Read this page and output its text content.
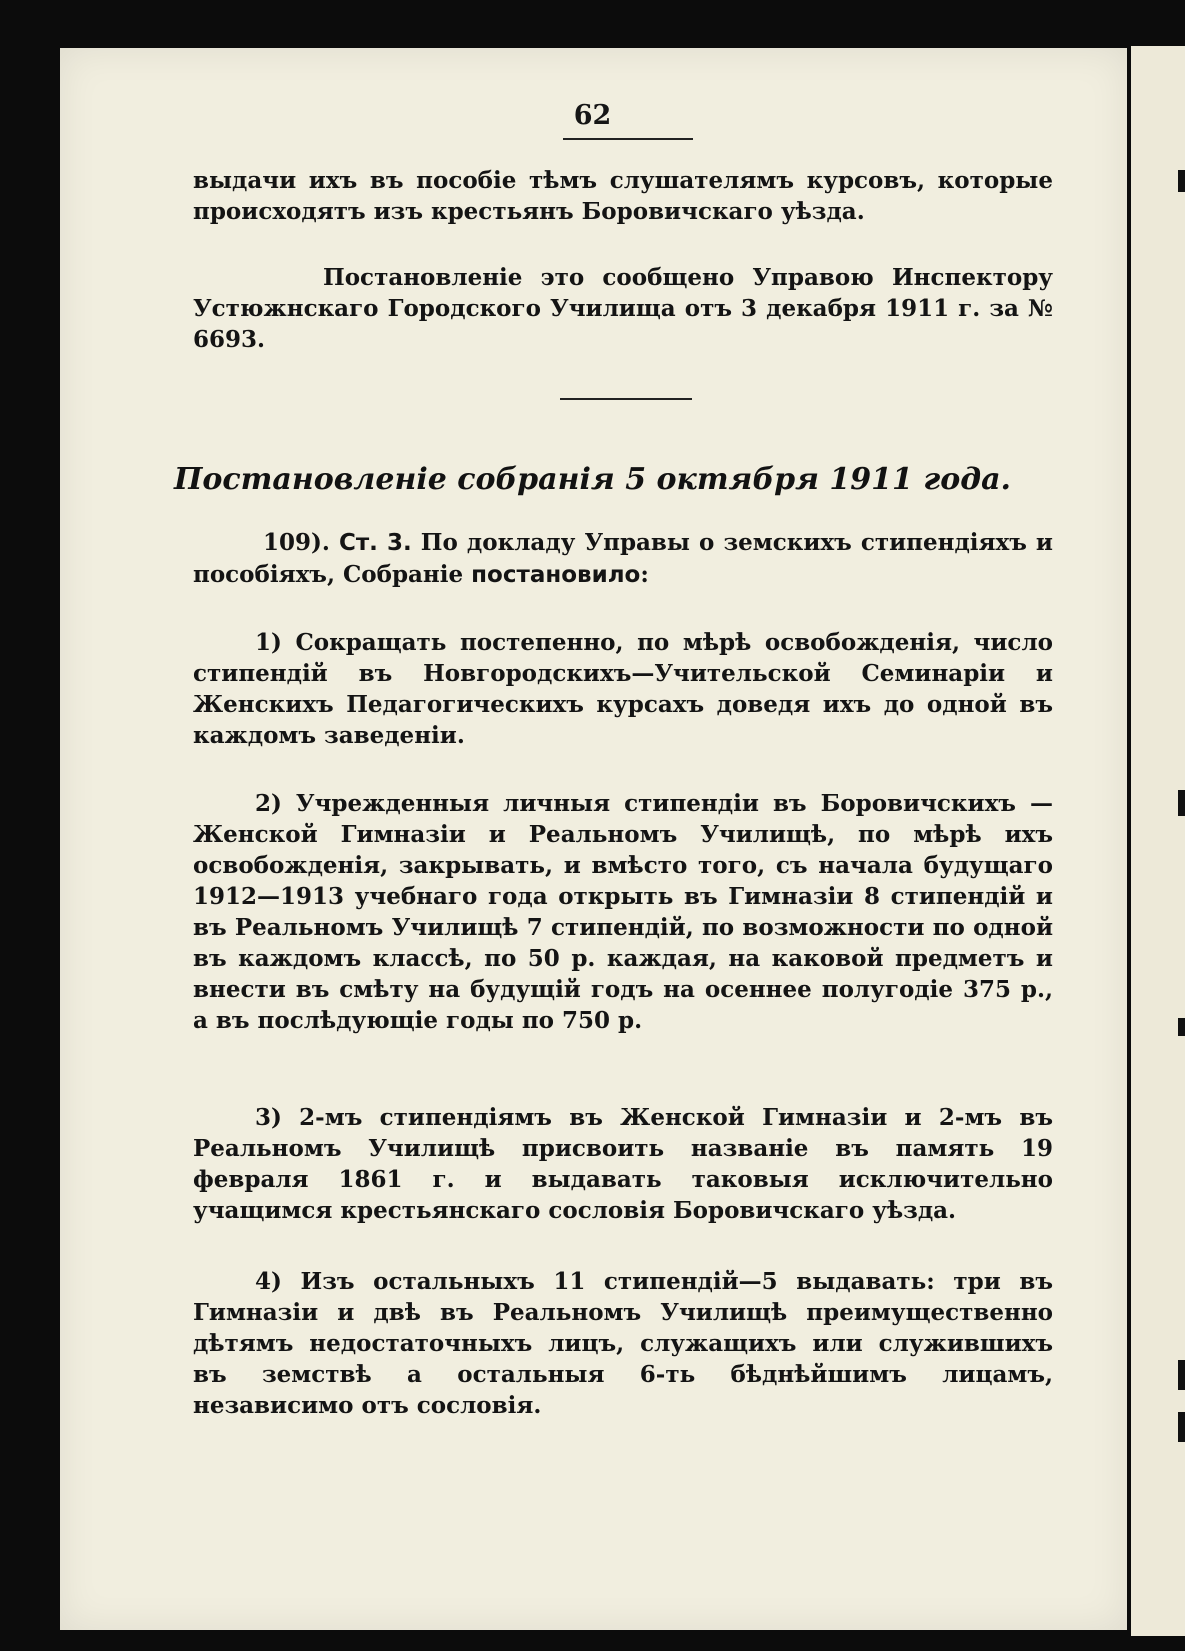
62

выдачи ихъ въ пособіе тѣмъ слушателямъ курсовъ, которые происходятъ изъ крестьянъ Боровичскаго уѣзда.

Постановленіе это сообщено Управою Инспектору Устюжнскаго Городского Училища отъ 3 декабря 1911 г. за № 6693.

Постановленіе собранія 5 октября 1911 года.

109). Ст. 3. По докладу Управы о земскихъ стипендіяхъ и пособіяхъ, Собраніе постановило:

1) Сокращать постепенно, по мѣрѣ освобожденія, число стипендій въ Новгородскихъ—Учительской Семинаріи и Женскихъ Педагогическихъ курсахъ доведя ихъ до одной въ каждомъ заведеніи.

2) Учрежденныя личныя стипендіи въ Боровичскихъ — Женской Гимназіи и Реальномъ Училищѣ, по мѣрѣ ихъ освобожденія, закрывать, и вмѣсто того, съ начала будущаго 1912—1913 учебнаго года открыть въ Гимназіи 8 стипендій и въ Реальномъ Училищѣ 7 стипендій, по возможности по одной въ каждомъ классѣ, по 50 р. каждая, на каковой предметъ и внести въ смѣту на будущій годъ на осеннее полугодіе 375 р., а въ послѣдующіе годы по 750 р.

3) 2-мъ стипендіямъ въ Женской Гимназіи и 2-мъ въ Реальномъ Училищѣ присвоить названіе въ память 19 февраля 1861 г. и выдавать таковыя исключительно учащимся крестьянскаго сословія Боровичскаго уѣзда.

4) Изъ остальныхъ 11 стипендій—5 выдавать: три въ Гимназіи и двѣ въ Реальномъ Училищѣ преимущественно дѣтямъ недостаточныхъ лицъ, служащихъ или служившихъ въ земствѣ а остальныя 6-ть бѣднѣйшимъ лицамъ, независимо отъ сословія.
